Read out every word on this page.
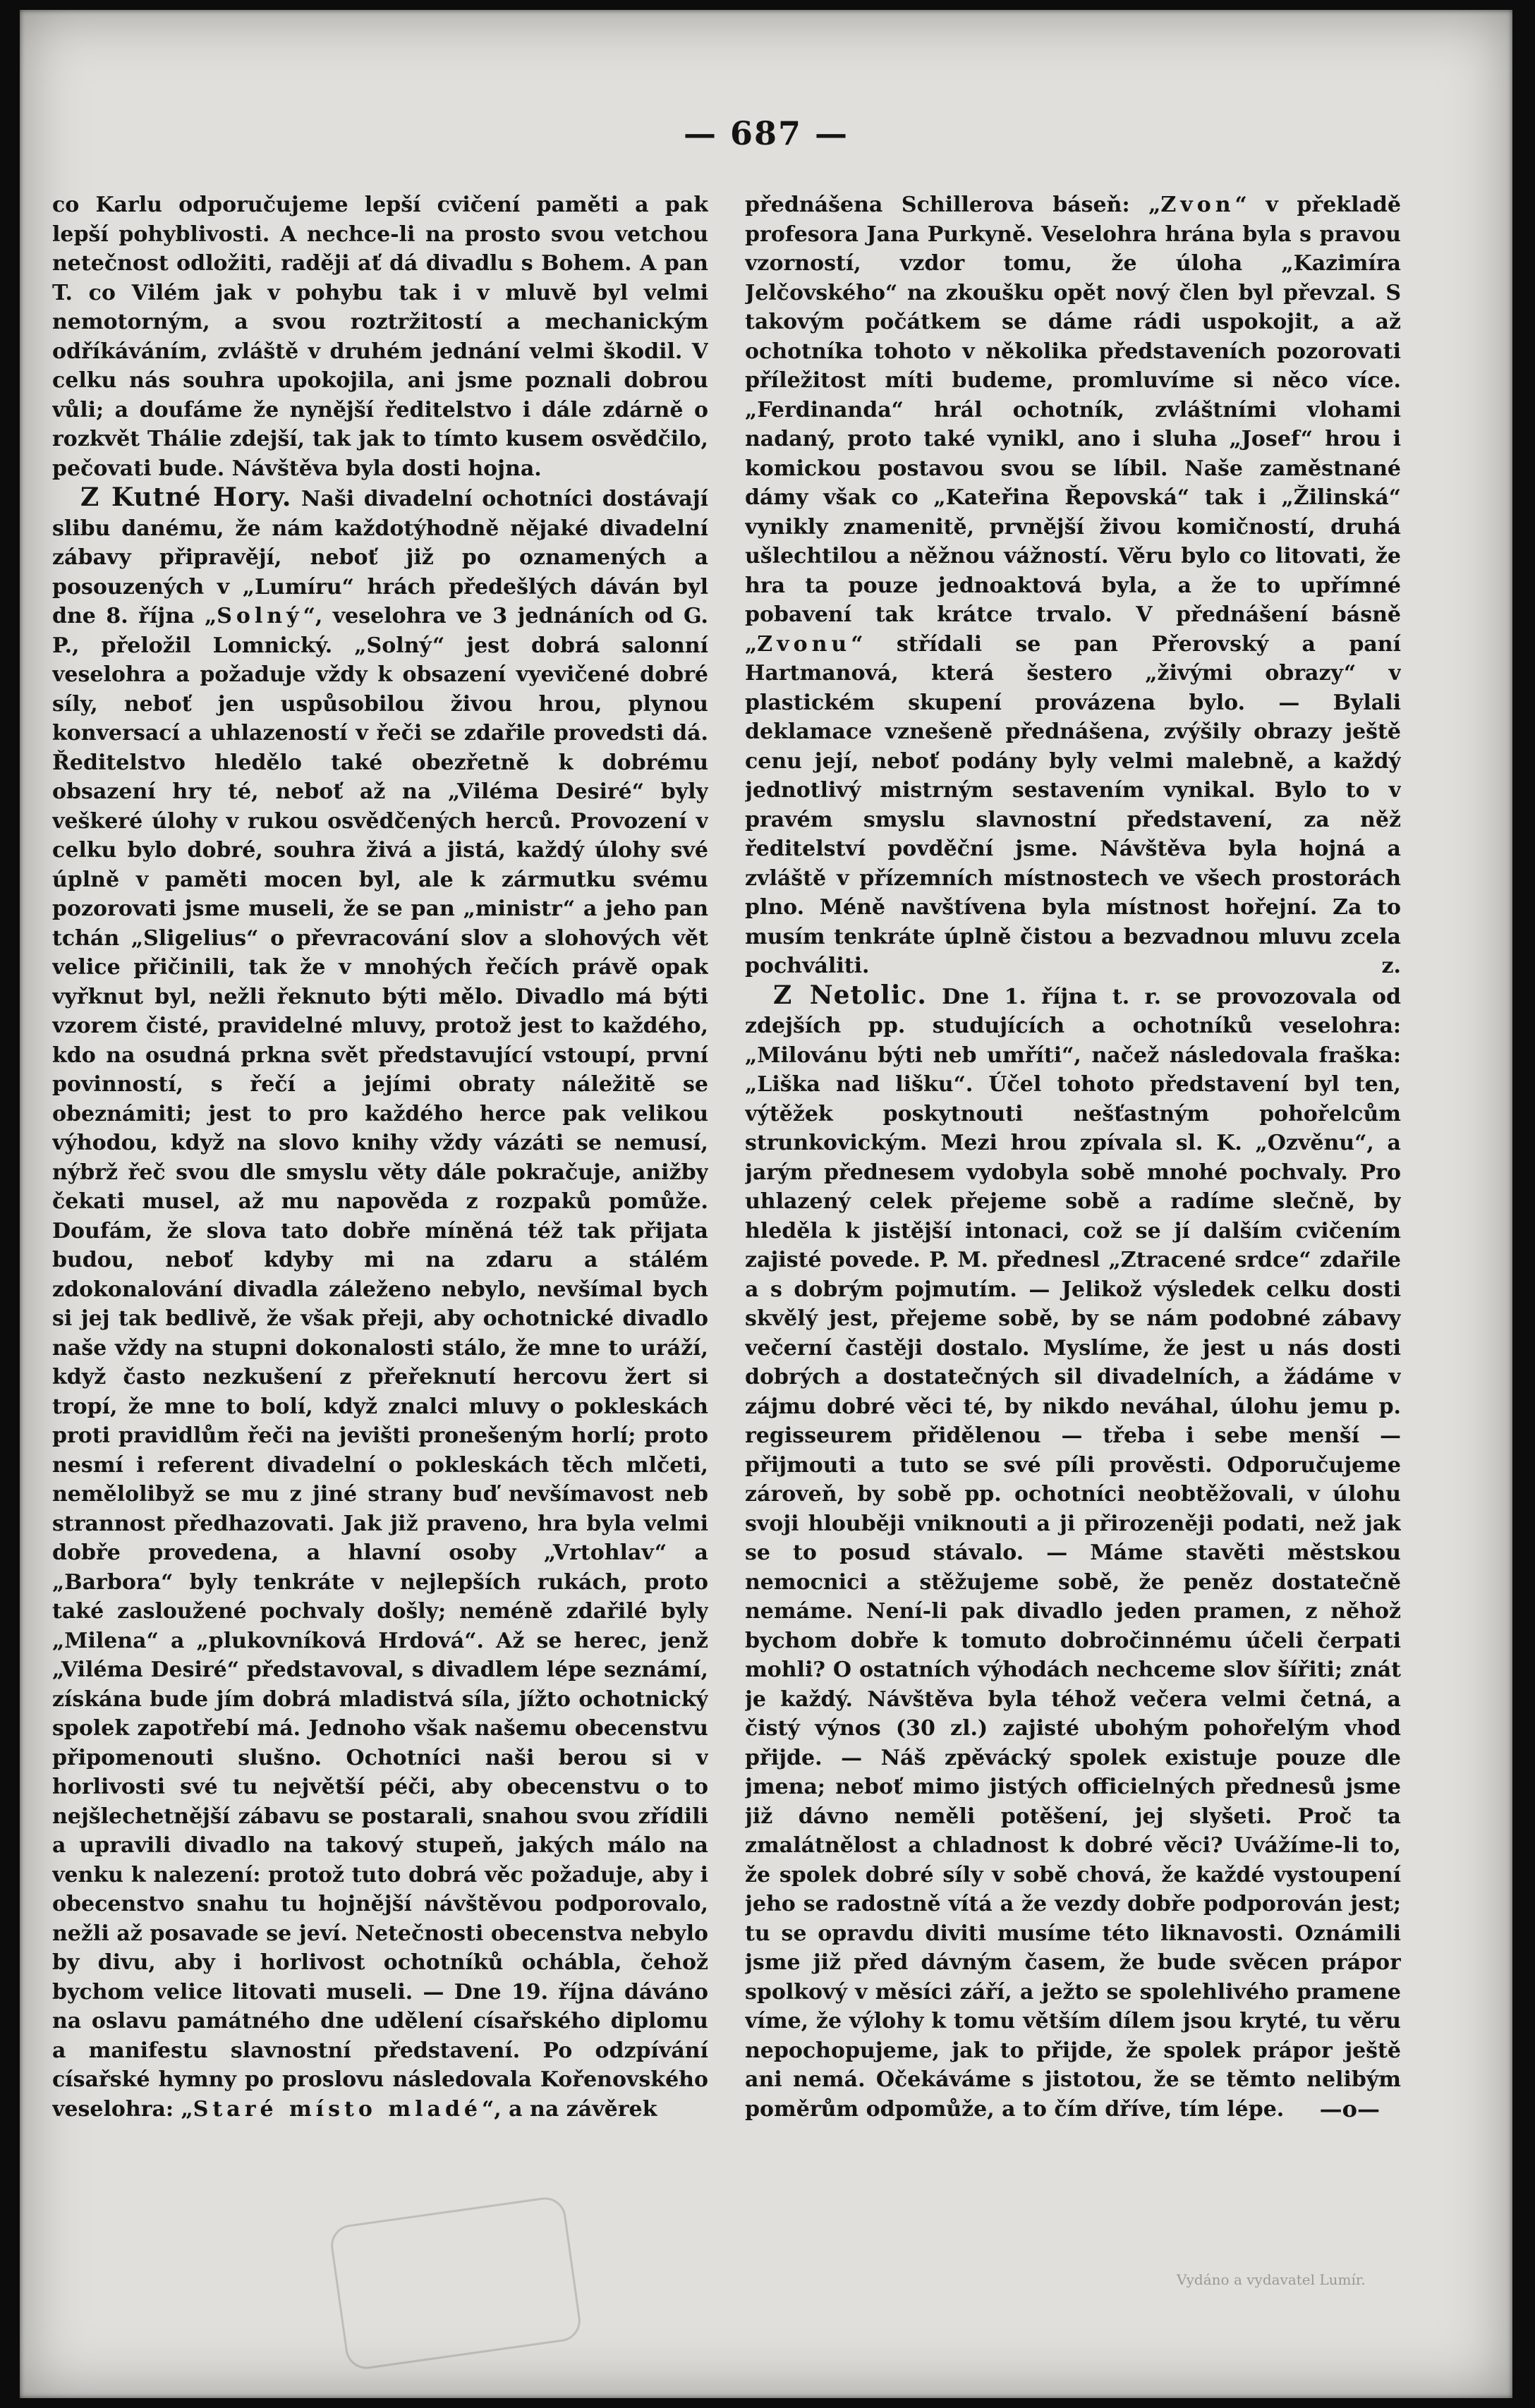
— 687 —

co Karlu odporučujeme lepší cvičení paměti a pak lepší pohyblivosti. A nechce-li na prosto svou vetchou netečnost odložiti, raději ať dá divadlu s Bohem. A pan T. co Vilém jak v pohybu tak i v mluvě byl velmi nemotorným, a svou roztržitostí a mechanickým odříkáváním, zvláště v druhém jednání velmi škodil. V celku nás souhra upokojila, ani jsme poznali dobrou vůli; a doufáme že nynější ředitelstvo i dále zdárně o rozkvět Thálie zdejší, tak jak to tímto kusem osvědčilo, pečovati bude. Návštěva byla dosti hojna.

Z Kutné Hory. Naši divadelní ochotníci dostávají slibu danému, že nám každotýhodně nějaké divadelní zábavy připravějí, neboť již po oznamených a posouzených v „Lumíru“ hrách předešlých dáván byl dne 8. října „Solný“, veselohra ve 3 jednáních od G. P., přeložil Lomnický. „Solný“ jest dobrá salonní veselohra a požaduje vždy k obsazení vyevičené dobré síly, neboť jen uspůsobilou živou hrou, plynou konversací a uhlazeností v řeči se zdařile provedsti dá. Ředitelstvo hledělo také obezřetně k dobrému obsazení hry té, neboť až na „Viléma Desiré“ byly veškeré úlohy v rukou osvědčených herců. Provození v celku bylo dobré, souhra živá a jistá, každý úlohy své úplně v paměti mocen byl, ale k zármutku svému pozorovati jsme museli, že se pan „ministr“ a jeho pan tchán „Sligelius“ o převracování slov a slohových vět velice přičinili, tak že v mnohých řečích právě opak vyřknut byl, nežli řeknuto býti mělo. Divadlo má býti vzorem čisté, pravidelné mluvy, protož jest to každého, kdo na osudná prkna svět představující vstoupí, první povinností, s řečí a jejími obraty náležitě se obeznámiti; jest to pro každého herce pak velikou výhodou, když na slovo knihy vždy vázáti se nemusí, nýbrž řeč svou dle smyslu věty dále pokračuje, anižby čekati musel, až mu napověda z rozpaků pomůže. Doufám, že slova tato dobře míněná též tak přijata budou, neboť kdyby mi na zdaru a stálém zdokonalování divadla záleženo nebylo, nevšímal bych si jej tak bedlivě, že však přeji, aby ochotnické divadlo naše vždy na stupni dokonalosti stálo, že mne to uráží, když často nezkušení z přeřeknutí hercovu žert si tropí, že mne to bolí, když znalci mluvy o pokleskách proti pravidlům řeči na jevišti pronešeným horlí; proto nesmí i referent divadelní o pokleskách těch mlčeti, nemělolibyž se mu z jiné strany buď nevšímavost neb strannost předhazovati. Jak již praveno, hra byla velmi dobře provedena, a hlavní osoby „Vrtohlav“ a „Barbora“ byly tenkráte v nejlepších rukách, proto také zasloužené pochvaly došly; neméně zdařilé byly „Milena“ a „plukovníková Hrdová“. Až se herec, jenž „Viléma Desiré“ představoval, s divadlem lépe seznámí, získána bude jím dobrá mladistvá síla, jížto ochotnický spolek zapotřebí má. Jednoho však našemu obecenstvu připomenouti slušno. Ochotníci naši berou si v horlivosti své tu největší péči, aby obecenstvu o to nejšlechetnější zábavu se postarali, snahou svou zřídili a upravili divadlo na takový stupeň, jakých málo na venku k nalezení: protož tuto dobrá věc požaduje, aby i obecenstvo snahu tu hojnější návštěvou podporovalo, nežli až posavade se jeví. Netečnosti obecenstva nebylo by divu, aby i horlivost ochotníků ochábla, čehož bychom velice litovati museli. — Dne 19. října dáváno na oslavu památného dne udělení císařského diplomu a manifestu slavnostní představení. Po odzpívání císařské hymny po proslovu následovala Kořenovského veselohra: „Staré místo mladé“, a na závěrek

přednášena Schillerova báseň: „Zvon“ v překladě profesora Jana Purkyně. Veselohra hrána byla s pravou vzorností, vzdor tomu, že úloha „Kazimíra Jelčovského“ na zkoušku opět nový člen byl převzal. S takovým počátkem se dáme rádi uspokojit, a až ochotníka tohoto v několika představeních pozorovati příležitost míti budeme, promluvíme si něco více. „Ferdinanda“ hrál ochotník, zvláštními vlohami nadaný, proto také vynikl, ano i sluha „Josef“ hrou i komickou postavou svou se líbil. Naše zaměstnané dámy však co „Kateřina Řepovská“ tak i „Žilinská“ vynikly znamenitě, prvnější živou komičností, druhá ušlechtilou a něžnou vážností. Věru bylo co litovati, že hra ta pouze jednoaktová byla, a že to upřímné pobavení tak krátce trvalo. V přednášení básně „Zvonu“ střídali se pan Přerovský a paní Hartmanová, která šestero „živými obrazy“ v plastickém skupení provázena bylo. — Bylali deklamace vznešeně přednášena, zvýšily obrazy ještě cenu její, neboť podány byly velmi malebně, a každý jednotlivý mistrným sestavením vynikal. Bylo to v pravém smyslu slavnostní představení, za něž ředitelství povděční jsme. Návštěva byla hojná a zvláště v přízemních místnostech ve všech prostorách plno. Méně navštívena byla místnost hořejní. Za to musím tenkráte úplně čistou a bezvadnou mluvu zcela pochváliti.	z.

Z Netolic. Dne 1. října t. r. se provozovala od zdejších pp. studujících a ochotníků veselohra: „Milovánu býti neb umříti“, načež následovala fraška: „Liška nad lišku“. Účel tohoto představení byl ten, výtěžek poskytnouti nešťastným pohořelcům strunkovickým. Mezi hrou zpívala sl. K. „Ozvěnu“, a jarým přednesem vydobyla sobě mnohé pochvaly. Pro uhlazený celek přejeme sobě a radíme slečně, by hleděla k jistější intonaci, což se jí dalším cvičením zajisté povede. P. M. přednesl „Ztracené srdce“ zdařile a s dobrým pojmutím. — Jelikož výsledek celku dosti skvělý jest, přejeme sobě, by se nám podobné zábavy večerní častěji dostalo. Myslíme, že jest u nás dosti dobrých a dostatečných sil divadelních, a žádáme v zájmu dobré věci té, by nikdo neváhal, úlohu jemu p. regisseurem přidělenou — třeba i sebe menší — přijmouti a tuto se své píli prověsti. Odporučujeme zároveň, by sobě pp. ochotníci neobtěžovali, v úlohu svoji hlouběji vniknouti a ji přirozeněji podati, než jak se to posud stávalo. — Máme stavěti městskou nemocnici a stěžujeme sobě, že peněz dostatečně nemáme. Není-li pak divadlo jeden pramen, z něhož bychom dobře k tomuto dobročinnému účeli čerpati mohli? O ostatních výhodách nechceme slov šířiti; znát je každý. Návštěva byla téhož večera velmi četná, a čistý výnos (30 zl.) zajisté ubohým pohořelým vhod přijde. — Náš zpěvácký spolek existuje pouze dle jmena; neboť mimo jistých officielných přednesů jsme již dávno neměli potěšení, jej slyšeti. Proč ta zmalátnělost a chladnost k dobré věci? Uvážíme-li to, že spolek dobré síly v sobě chová, že každé vystoupení jeho se radostně vítá a že vezdy dobře podporován jest; tu se opravdu diviti musíme této liknavosti. Oznámili jsme již před dávným časem, že bude svěcen prápor spolkový v měsíci září, a ježto se spolehlivého pramene víme, že výlohy k tomu větším dílem jsou kryté, tu věru nepochopujeme, jak to přijde, že spolek prápor ještě ani nemá. Očekáváme s jistotou, že se těmto nelibým poměrům odpomůže, a to čím dříve, tím lépe.	—o—

Vydáno a vydavatel Lumír.
